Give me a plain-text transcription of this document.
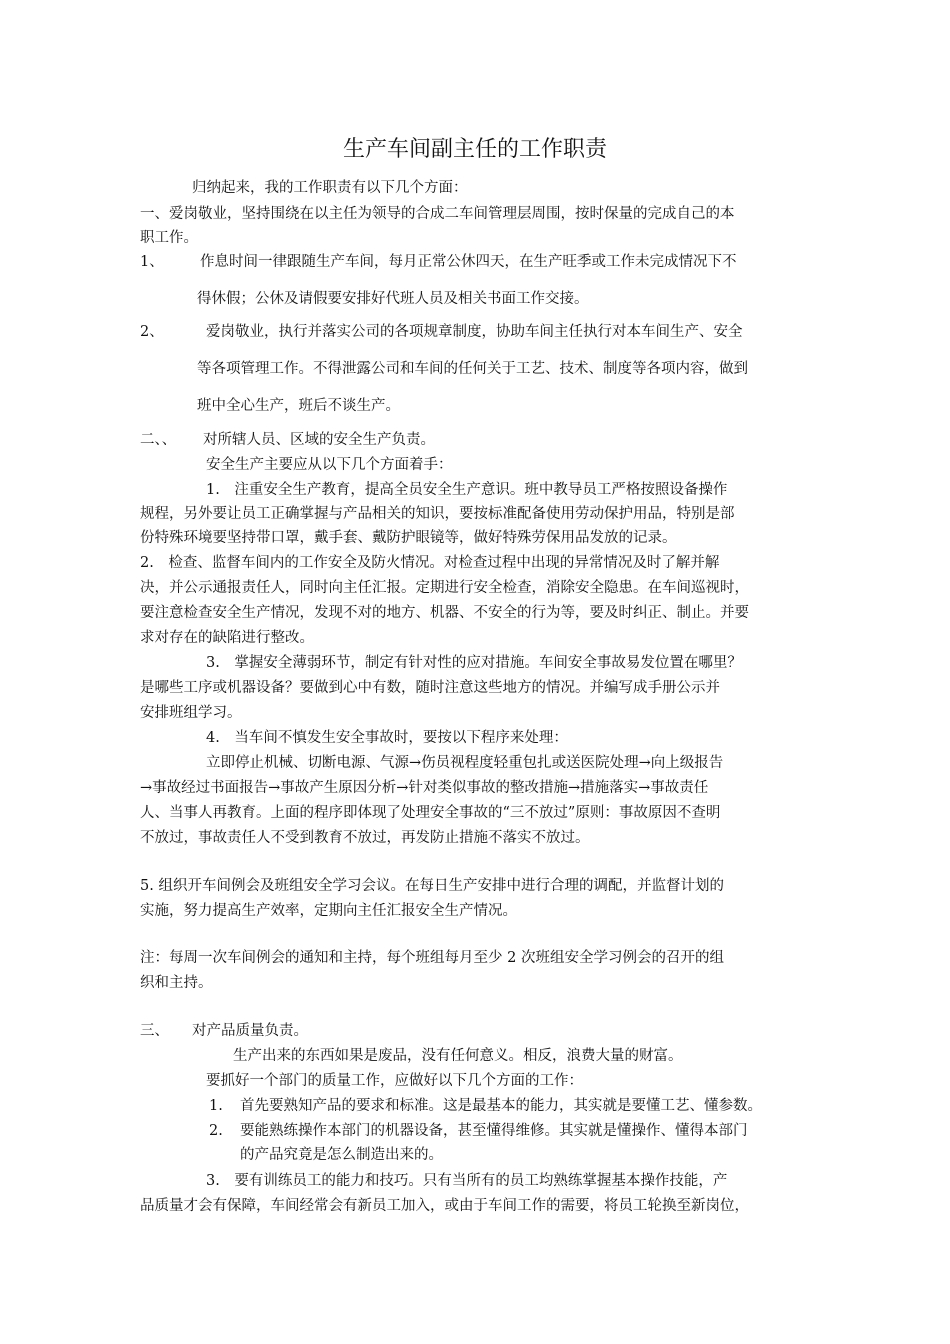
生产车间副主任的工作职责
归纳起来，我的工作职责有以下几个方面：
一、爱岗敬业，坚持围绕在以主任为领导的合成二车间管理层周围，按时保量的完成自己的本
职工作。
1、	作息时间一律跟随生产车间，每月正常公休四天，在生产旺季或工作未完成情况下不
得休假；公休及请假要安排好代班人员及相关书面工作交接。
2、	爱岗敬业，执行并落实公司的各项规章制度，协助车间主任执行对本车间生产、安全
等各项管理工作。不得泄露公司和车间的任何关于工艺、技术、制度等各项内容，做到
班中全心生产，班后不谈生产。
二、、 对所辖人员、区域的安全生产负责。
安全生产主要应从以下几个方面着手：
1.　注重安全生产教育，提高全员安全生产意识。班中教导员工严格按照设备操作
规程，另外要让员工正确掌握与产品相关的知识，要按标准配备使用劳动保护用品，特别是部
份特殊环境要坚持带口罩，戴手套、戴防护眼镜等，做好特殊劳保用品发放的记录。
2.　检查、监督车间内的工作安全及防火情况。对检查过程中出现的异常情况及时了解并解
决，并公示通报责任人，同时向主任汇报。定期进行安全检查，消除安全隐患。在车间巡视时，
要注意检查安全生产情况，发现不对的地方、机器、不安全的行为等，要及时纠正、制止。并要
求对存在的缺陷进行整改。
3.　掌握安全薄弱环节，制定有针对性的应对措施。车间安全事故易发位置在哪里？
是哪些工序或机器设备？要做到心中有数，随时注意这些地方的情况。并编写成手册公示并
安排班组学习。
4.　当车间不慎发生安全事故时，要按以下程序来处理：
立即停止机械、切断电源、气源→伤员视程度轻重包扎或送医院处理→向上级报告
→事故经过书面报告→事故产生原因分析→针对类似事故的整改措施→措施落实→事故责任
人、当事人再教育。上面的程序即体现了处理安全事故的“三不放过”原则：事故原因不查明
不放过，事故责任人不受到教育不放过，再发防止措施不落实不放过。
5. 组织开车间例会及班组安全学习会议。在每日生产安排中进行合理的调配，并监督计划的
实施，努力提高生产效率，定期向主任汇报安全生产情况。
注：每周一次车间例会的通知和主持，每个班组每月至少 2 次班组安全学习例会的召开的组
织和主持。
三、 对产品质量负责。
生产出来的东西如果是废品，没有任何意义。相反，浪费大量的财富。
要抓好一个部门的质量工作，应做好以下几个方面的工作：
1. 首先要熟知产品的要求和标准。这是最基本的能力，其实就是要懂工艺、懂参数。
2. 要能熟练操作本部门的机器设备，甚至懂得维修。其实就是懂操作、懂得本部门
的产品究竟是怎么制造出来的。
3.　要有训练员工的能力和技巧。只有当所有的员工均熟练掌握基本操作技能，产
品质量才会有保障，车间经常会有新员工加入，或由于车间工作的需要，将员工轮换至新岗位，
